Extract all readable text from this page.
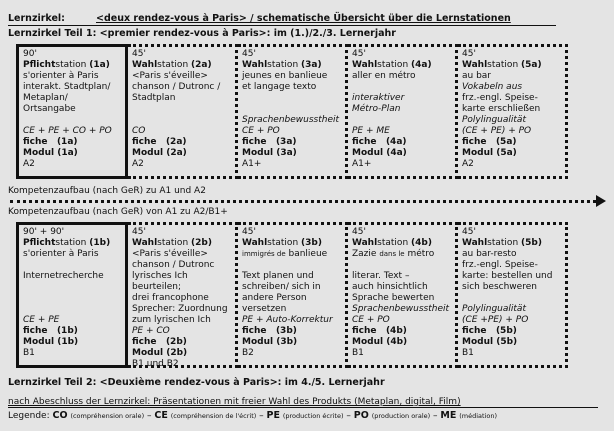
Lernzirkel:	<deux rendez-vous à Paris> / schematische Übersicht über die Lernstationen
Lernzirkel Teil 1: <premier rendez-vous à Paris>: im (1.)/2./3. Lernerjahr
90'
Pflichtstation (1a)
s'orienter à Paris
interakt. Stadtplan/
Metaplan/
Ortsangabe
CE + PE + CO + PO
fiche (1a)
Modul (1a)
A2
45'
Wahlstation (2a)
<Paris s'éveille>
chanson / Dutronc /
Stadtplan
CO
fiche (2a)
Modul (2a)
A2
45'
Wahlstation (3a)
jeunes en banlieue
et langage texto
Sprachenbewusstheit
CE + PO
fiche (3a)
Modul (3a)
A1+
45'
Wahlstation (4a)
aller en métro
interaktiver
Métro-Plan
PE + ME
fiche (4a)
Modul (4a)
A1+
45'
Wahlstation (5a)
au bar
Vokabeln aus
frz.-engl. Speise-
karte erschließen
Polylingualität
(CE + PE) + PO
fiche (5a)
Modul (5a)
A2
Kompetenzaufbau (nach GeR) zu A1 und A2
Kompetenzaufbau (nach GeR) von A1 zu A2/B1+
90' + 90'
Pflichtstation (1b)
s'orienter à Paris
Internetrecherche
CE + PE
fiche (1b)
Modul (1b)
B1
45'
Wahlstation (2b)
<Paris s'éveille>
chanson / Dutronc
lyrisches Ich
beurteilen;
drei francophone
Sprecher: Zuordnung
zum lyrischen Ich
PE + CO
fiche (2b)
Modul (2b)
B1 und B2
45'
Wahlstation (3b)
immigrés de banlieue
Text planen und
schreiben/ sich in
andere Person
versetzen
PE + Auto-Korrektur
fiche (3b)
Modul (3b)
B2
45'
Wahlstation (4b)
Zazie dans le métro
literar. Text –
auch hinsichtlich
Sprache bewerten
Sprachenbewusstheit
CE + PO
fiche (4b)
Modul (4b)
B1
45'
Wahlstation (5b)
au bar-resto
frz.-engl. Speise-
karte: bestellen und
sich beschweren
Polylingualität
(CE +PE) + PO
fiche (5b)
Modul (5b)
B1
Lernzirkel Teil 2: <Deuxième rendez-vous à Paris>: im 4./5. Lernerjahr
nach Abeschluss der Lernzirkel: Präsentationen mit freier Wahl des Produkts (Metaplan, digital, Film)
Legende: CO (compréhension orale) – CE (compréhension de l'écrit) – PE (production écrite) – PO (production orale) – ME (médiation)
